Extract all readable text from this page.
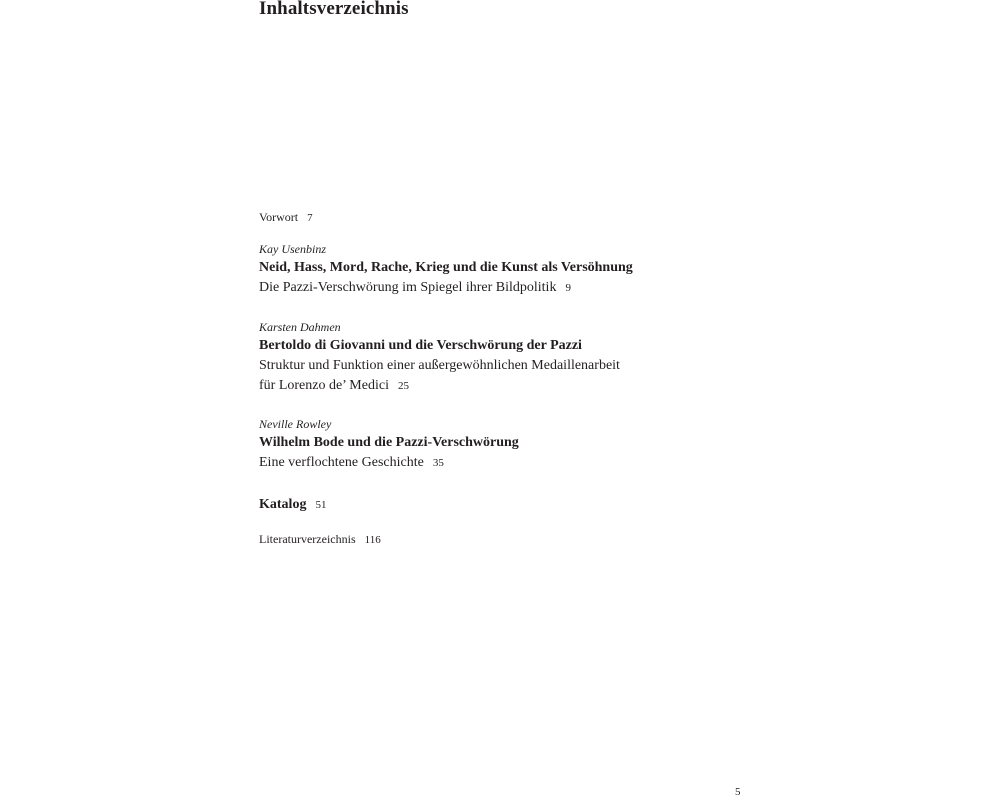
Inhaltsverzeichnis
Vorwort 7
Kay Usenbinz
Neid, Hass, Mord, Rache, Krieg und die Kunst als Versöhnung
Die Pazzi-Verschwörung im Spiegel ihrer Bildpolitik 9
Karsten Dahmen
Bertoldo di Giovanni und die Verschwörung der Pazzi
Struktur und Funktion einer außergewöhnlichen Medaillenarbeit
für Lorenzo de’ Medici 25
Neville Rowley
Wilhelm Bode und die Pazzi-Verschwörung
Eine verflochtene Geschichte 35
Katalog 51
Literaturverzeichnis 116
5
